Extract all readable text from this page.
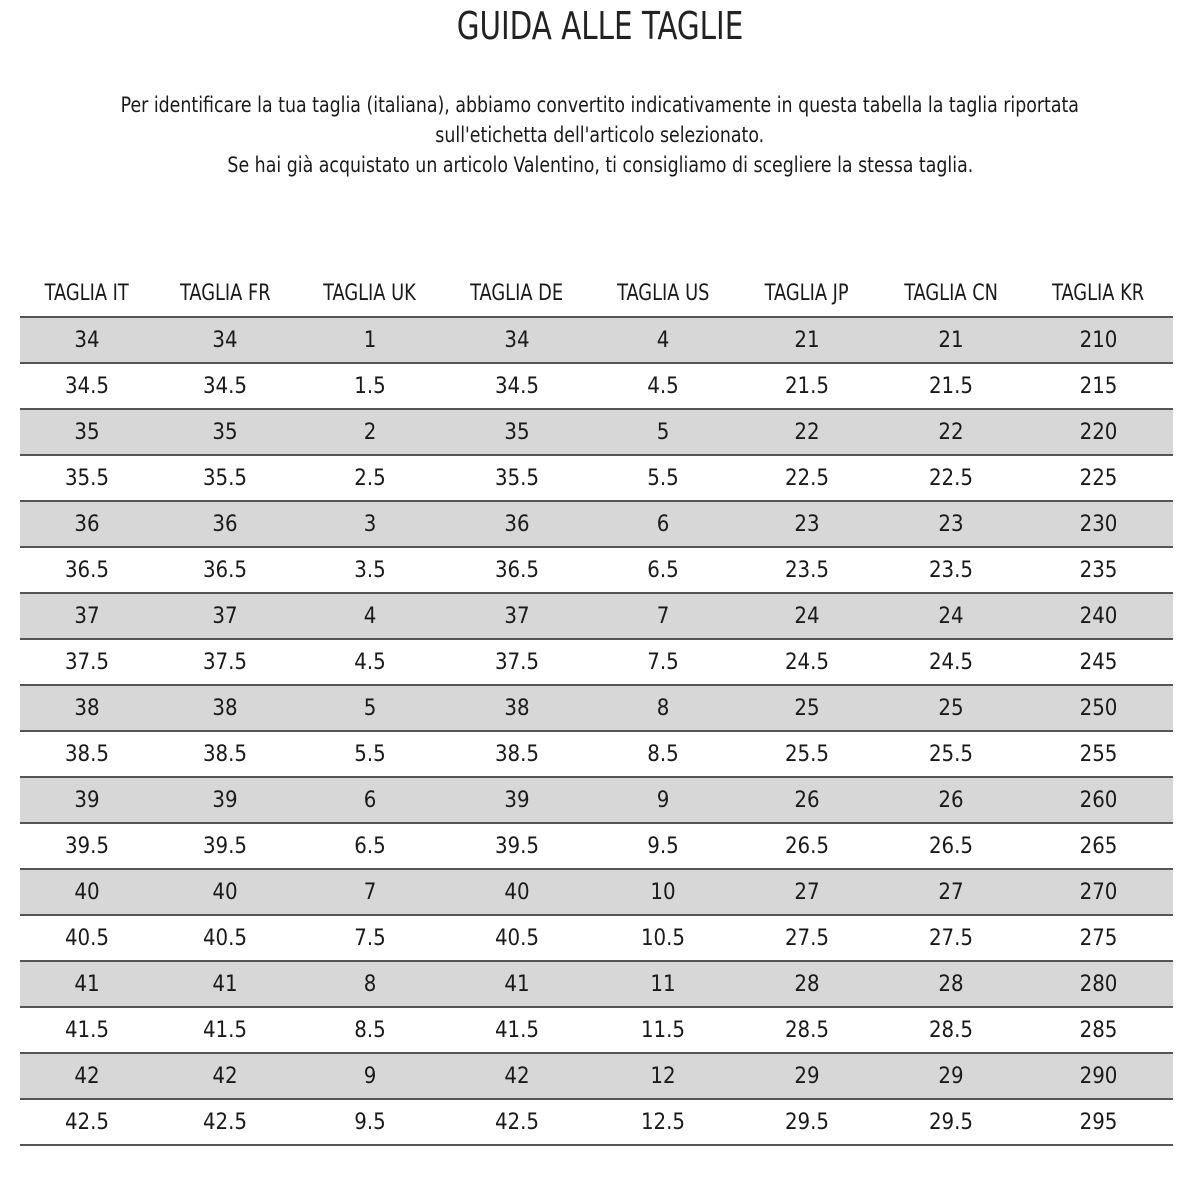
GUIDA ALLE TAGLIE

Per identificare la tua taglia (italiana), abbiamo convertito indicativamente in questa tabella la taglia riportata

sull'etichetta dell'articolo selezionato.

Se hai già acquistato un articolo Valentino, ti consigliamo di scegliere la stessa taglia.

TAGLIA IT	TAGLIA FR	TAGLIA UK	TAGLIA DE	TAGLIA US	TAGLIA JP	TAGLIA CN	TAGLIA KR
34	34	1	34	4	21	21	210
34.5	34.5	1.5	34.5	4.5	21.5	21.5	215
35	35	2	35	5	22	22	220
35.5	35.5	2.5	35.5	5.5	22.5	22.5	225
36	36	3	36	6	23	23	230
36.5	36.5	3.5	36.5	6.5	23.5	23.5	235
37	37	4	37	7	24	24	240
37.5	37.5	4.5	37.5	7.5	24.5	24.5	245
38	38	5	38	8	25	25	250
38.5	38.5	5.5	38.5	8.5	25.5	25.5	255
39	39	6	39	9	26	26	260
39.5	39.5	6.5	39.5	9.5	26.5	26.5	265
40	40	7	40	10	27	27	270
40.5	40.5	7.5	40.5	10.5	27.5	27.5	275
41	41	8	41	11	28	28	280
41.5	41.5	8.5	41.5	11.5	28.5	28.5	285
42	42	9	42	12	29	29	290
42.5	42.5	9.5	42.5	12.5	29.5	29.5	295
